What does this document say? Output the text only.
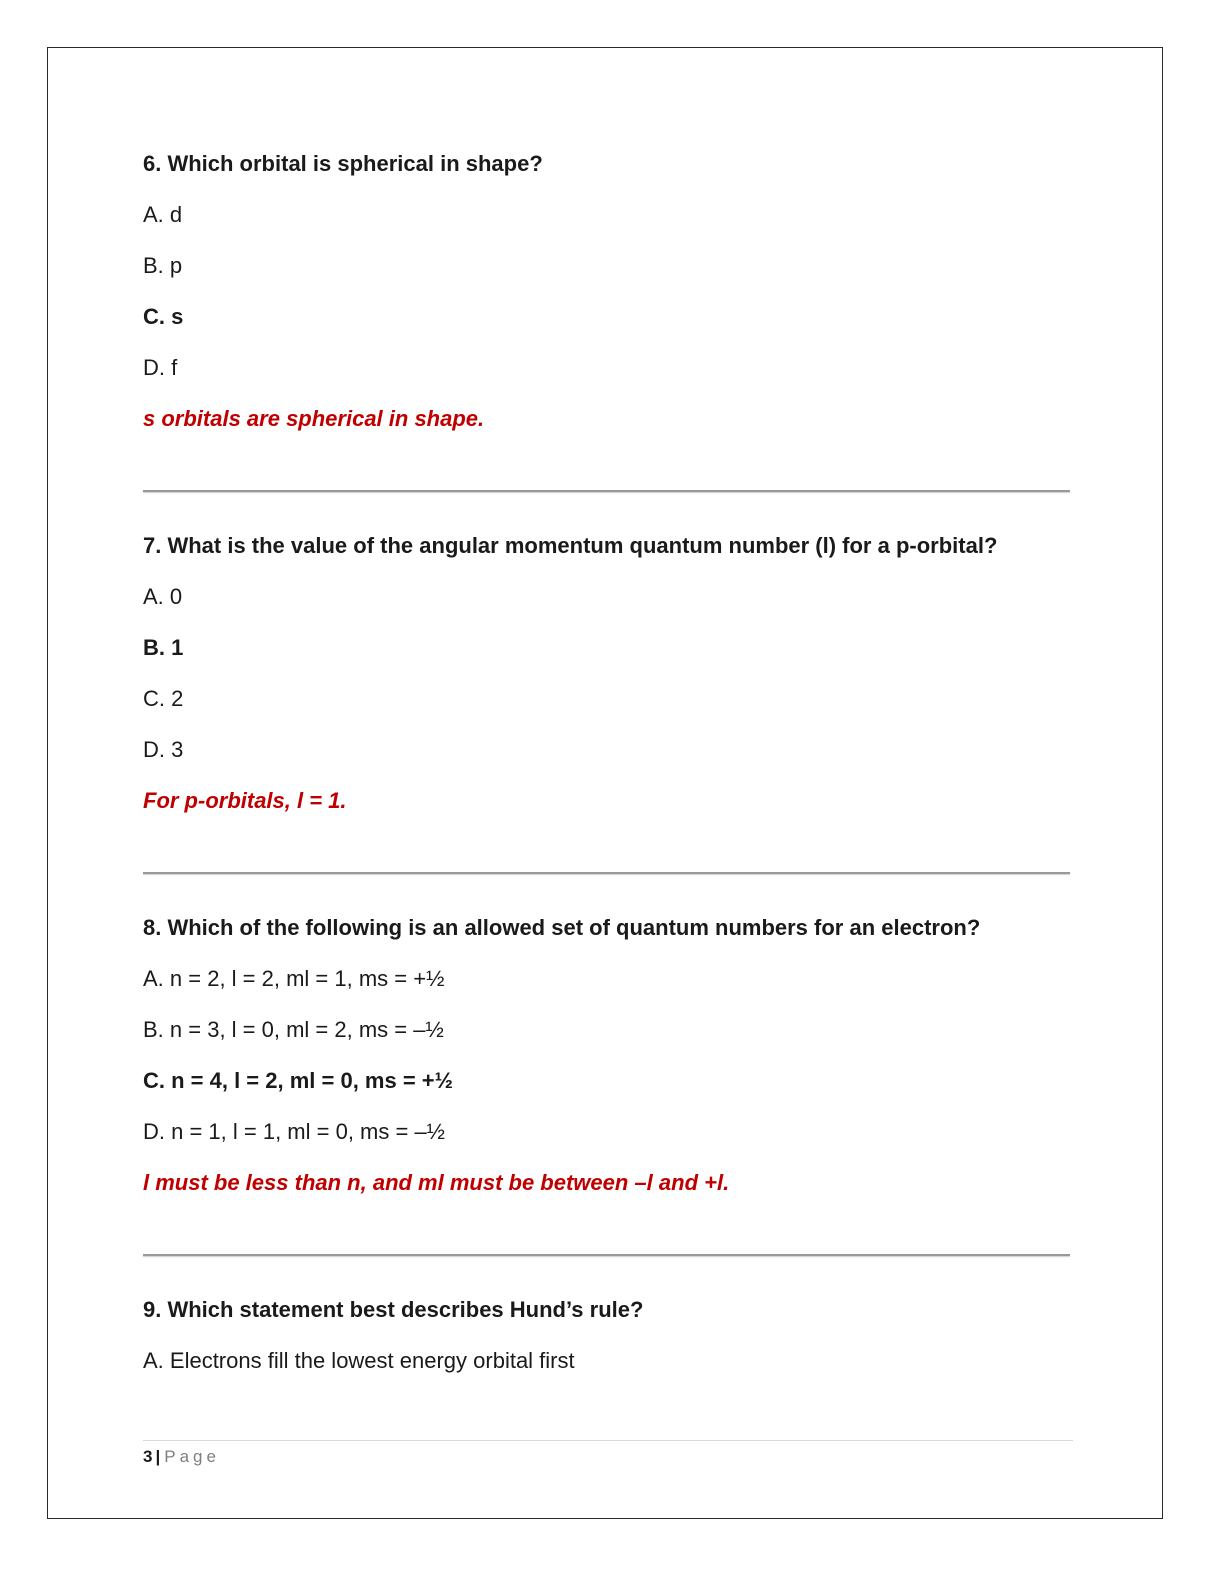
6. Which orbital is spherical in shape?
A. d
B. p
C. s
D. f
s orbitals are spherical in shape.
7. What is the value of the angular momentum quantum number (l) for a p-orbital?
A. 0
B. 1
C. 2
D. 3
For p-orbitals, l = 1.
8. Which of the following is an allowed set of quantum numbers for an electron?
A. n = 2, l = 2, ml = 1, ms = +½
B. n = 3, l = 0, ml = 2, ms = –½
C. n = 4, l = 2, ml = 0, ms = +½
D. n = 1, l = 1, ml = 0, ms = –½
l must be less than n, and ml must be between –l and +l.
9. Which statement best describes Hund’s rule?
A. Electrons fill the lowest energy orbital first
3 | Page
